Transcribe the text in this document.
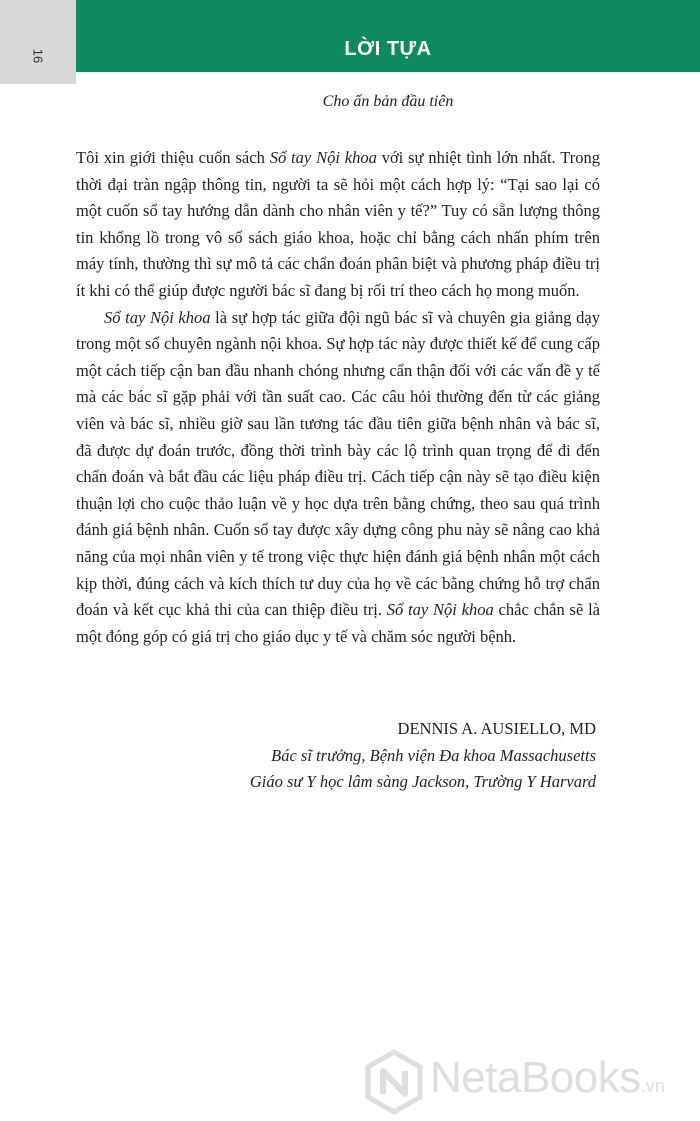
16	LỜI TỰA
Cho ấn bản đầu tiên

Tôi xin giới thiệu cuốn sách Sổ tay Nội khoa với sự nhiệt tình lớn nhất. Trong thời đại tràn ngập thông tin, người ta sẽ hỏi một cách hợp lý: “Tại sao lại có một cuốn sổ tay hướng dẫn dành cho nhân viên y tế?” Tuy có sẵn lượng thông tin khổng lồ trong vô số sách giáo khoa, hoặc chỉ bằng cách nhấn phím trên máy tính, thường thì sự mô tả các chẩn đoán phân biệt và phương pháp điều trị ít khi có thể giúp được người bác sĩ đang bị rối trí theo cách họ mong muốn.

Sổ tay Nội khoa là sự hợp tác giữa đội ngũ bác sĩ và chuyên gia giảng dạy trong một số chuyên ngành nội khoa. Sự hợp tác này được thiết kế để cung cấp một cách tiếp cận ban đầu nhanh chóng nhưng cẩn thận đối với các vấn đề y tế mà các bác sĩ gặp phải với tần suất cao. Các câu hỏi thường đến từ các giảng viên và bác sĩ, nhiều giờ sau lần tương tác đầu tiên giữa bệnh nhân và bác sĩ, đã được dự đoán trước, đồng thời trình bày các lộ trình quan trọng để đi đến chẩn đoán và bắt đầu các liệu pháp điều trị. Cách tiếp cận này sẽ tạo điều kiện thuận lợi cho cuộc thảo luận về y học dựa trên bằng chứng, theo sau quá trình đánh giá bệnh nhân. Cuốn sổ tay được xây dựng công phu này sẽ nâng cao khả năng của mọi nhân viên y tế trong việc thực hiện đánh giá bệnh nhân một cách kịp thời, đúng cách và kích thích tư duy của họ về các bằng chứng hỗ trợ chẩn đoán và kết cục khả thi của can thiệp điều trị. Sổ tay Nội khoa chắc chắn sẽ là một đóng góp có giá trị cho giáo dục y tế và chăm sóc người bệnh.

DENNIS A. AUSIELLO, MD
Bác sĩ trưởng, Bệnh viện Đa khoa Massachusetts
Giáo sư Y học lâm sàng Jackson, Trường Y Harvard
NetaBooks.vn
